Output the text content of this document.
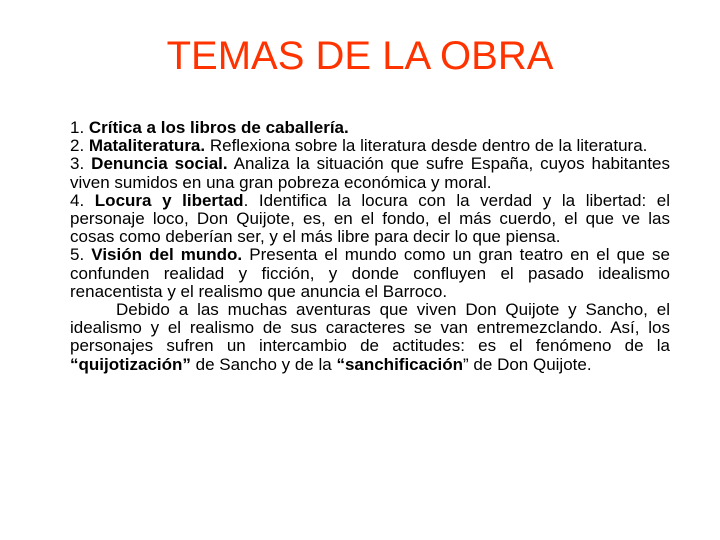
TEMAS DE LA OBRA

1. Crítica a los libros de caballería.

2. Mataliteratura. Reflexiona sobre la literatura desde dentro de la literatura.

3. Denuncia social. Analiza la situación que sufre España, cuyos habitantes viven sumidos en una gran pobreza económica y moral.

4. Locura y libertad. Identifica la locura con la verdad y la libertad: el personaje loco, Don Quijote, es, en el fondo, el más cuerdo, el que ve las cosas como deberían ser, y el más libre para decir lo que piensa.

5. Visión del mundo. Presenta el mundo como un gran teatro en el que se confunden realidad y ficción, y donde confluyen el pasado idealismo renacentista y el realismo que anuncia el Barroco.

Debido a las muchas aventuras que viven Don Quijote y Sancho, el idealismo y el realismo de sus caracteres se van entremezclando. Así, los personajes sufren un intercambio de actitudes: es el fenómeno de la “quijotización” de Sancho y de la “sanchificación” de Don Quijote.
